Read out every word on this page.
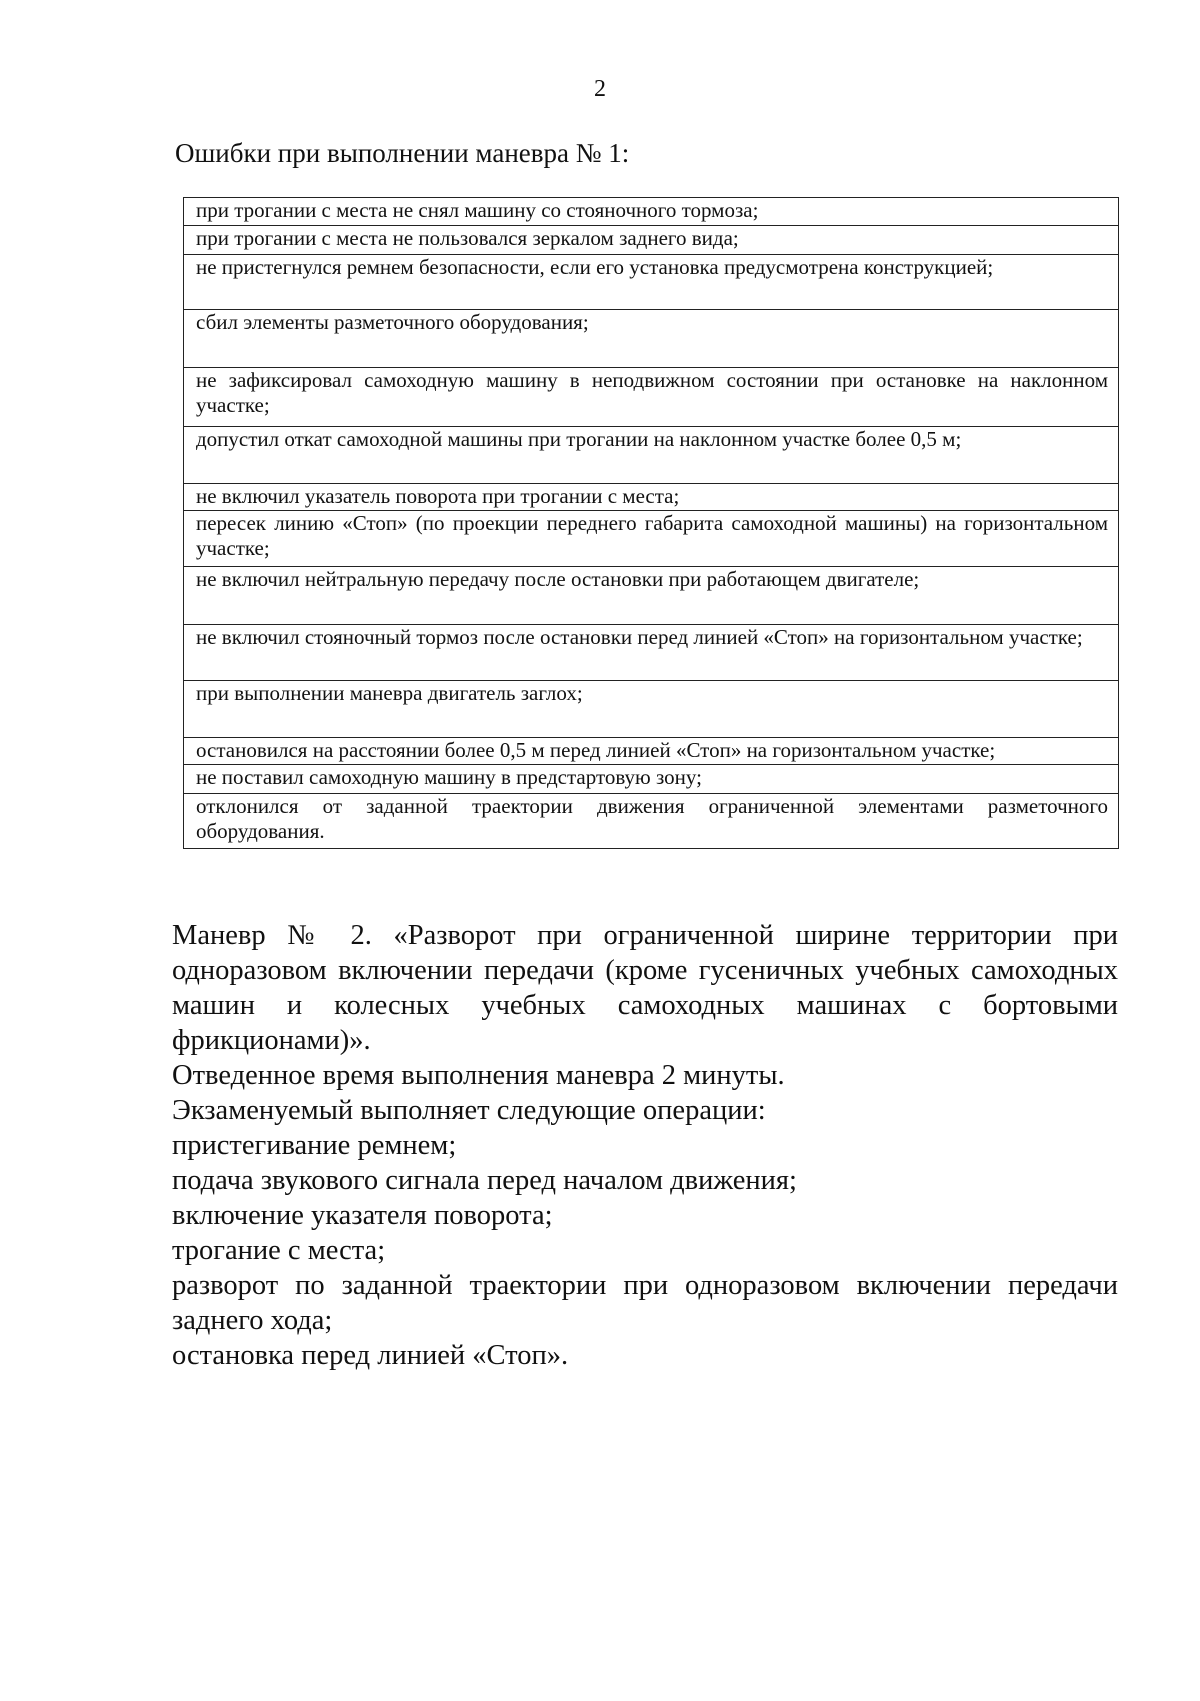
2
Ошибки при выполнении маневра № 1:
при трогании с места не снял машину со стояночного тормоза;
при трогании с места не пользовался зеркалом заднего вида;
не пристегнулся ремнем безопасности, если его установка предусмотрена конструкцией;
сбил элементы разметочного оборудования;
не зафиксировал самоходную машину в неподвижном состоянии при остановке на наклонном участке;
допустил откат самоходной машины при трогании на наклонном участке более 0,5 м;
не включил указатель поворота при трогании с места;
пересек линию «Стоп» (по проекции переднего габарита самоходной машины) на горизонтальном участке;
не включил нейтральную передачу после остановки при работающем двигателе;
не включил стояночный тормоз после остановки перед линией «Стоп» на горизонтальном участке;
при выполнении маневра двигатель заглох;
остановился на расстоянии более 0,5 м перед линией «Стоп» на горизонтальном участке;
не поставил самоходную машину в предстартовую зону;
отклонился от заданной траектории движения ограниченной элементами разметочного оборудования.

Маневр № 2. «Разворот при ограниченной ширине территории при одноразовом включении передачи (кроме гусеничных учебных самоходных машин и колесных учебных самоходных машинах с бортовыми фрикционами)».

Отведенное время выполнения маневра 2 минуты.

Экзаменуемый выполняет следующие операции:

пристегивание ремнем;

подача звукового сигнала перед началом движения;

включение указателя поворота;

трогание с места;

разворот по заданной траектории при одноразовом включении передачи заднего хода;

остановка перед линией «Стоп».
